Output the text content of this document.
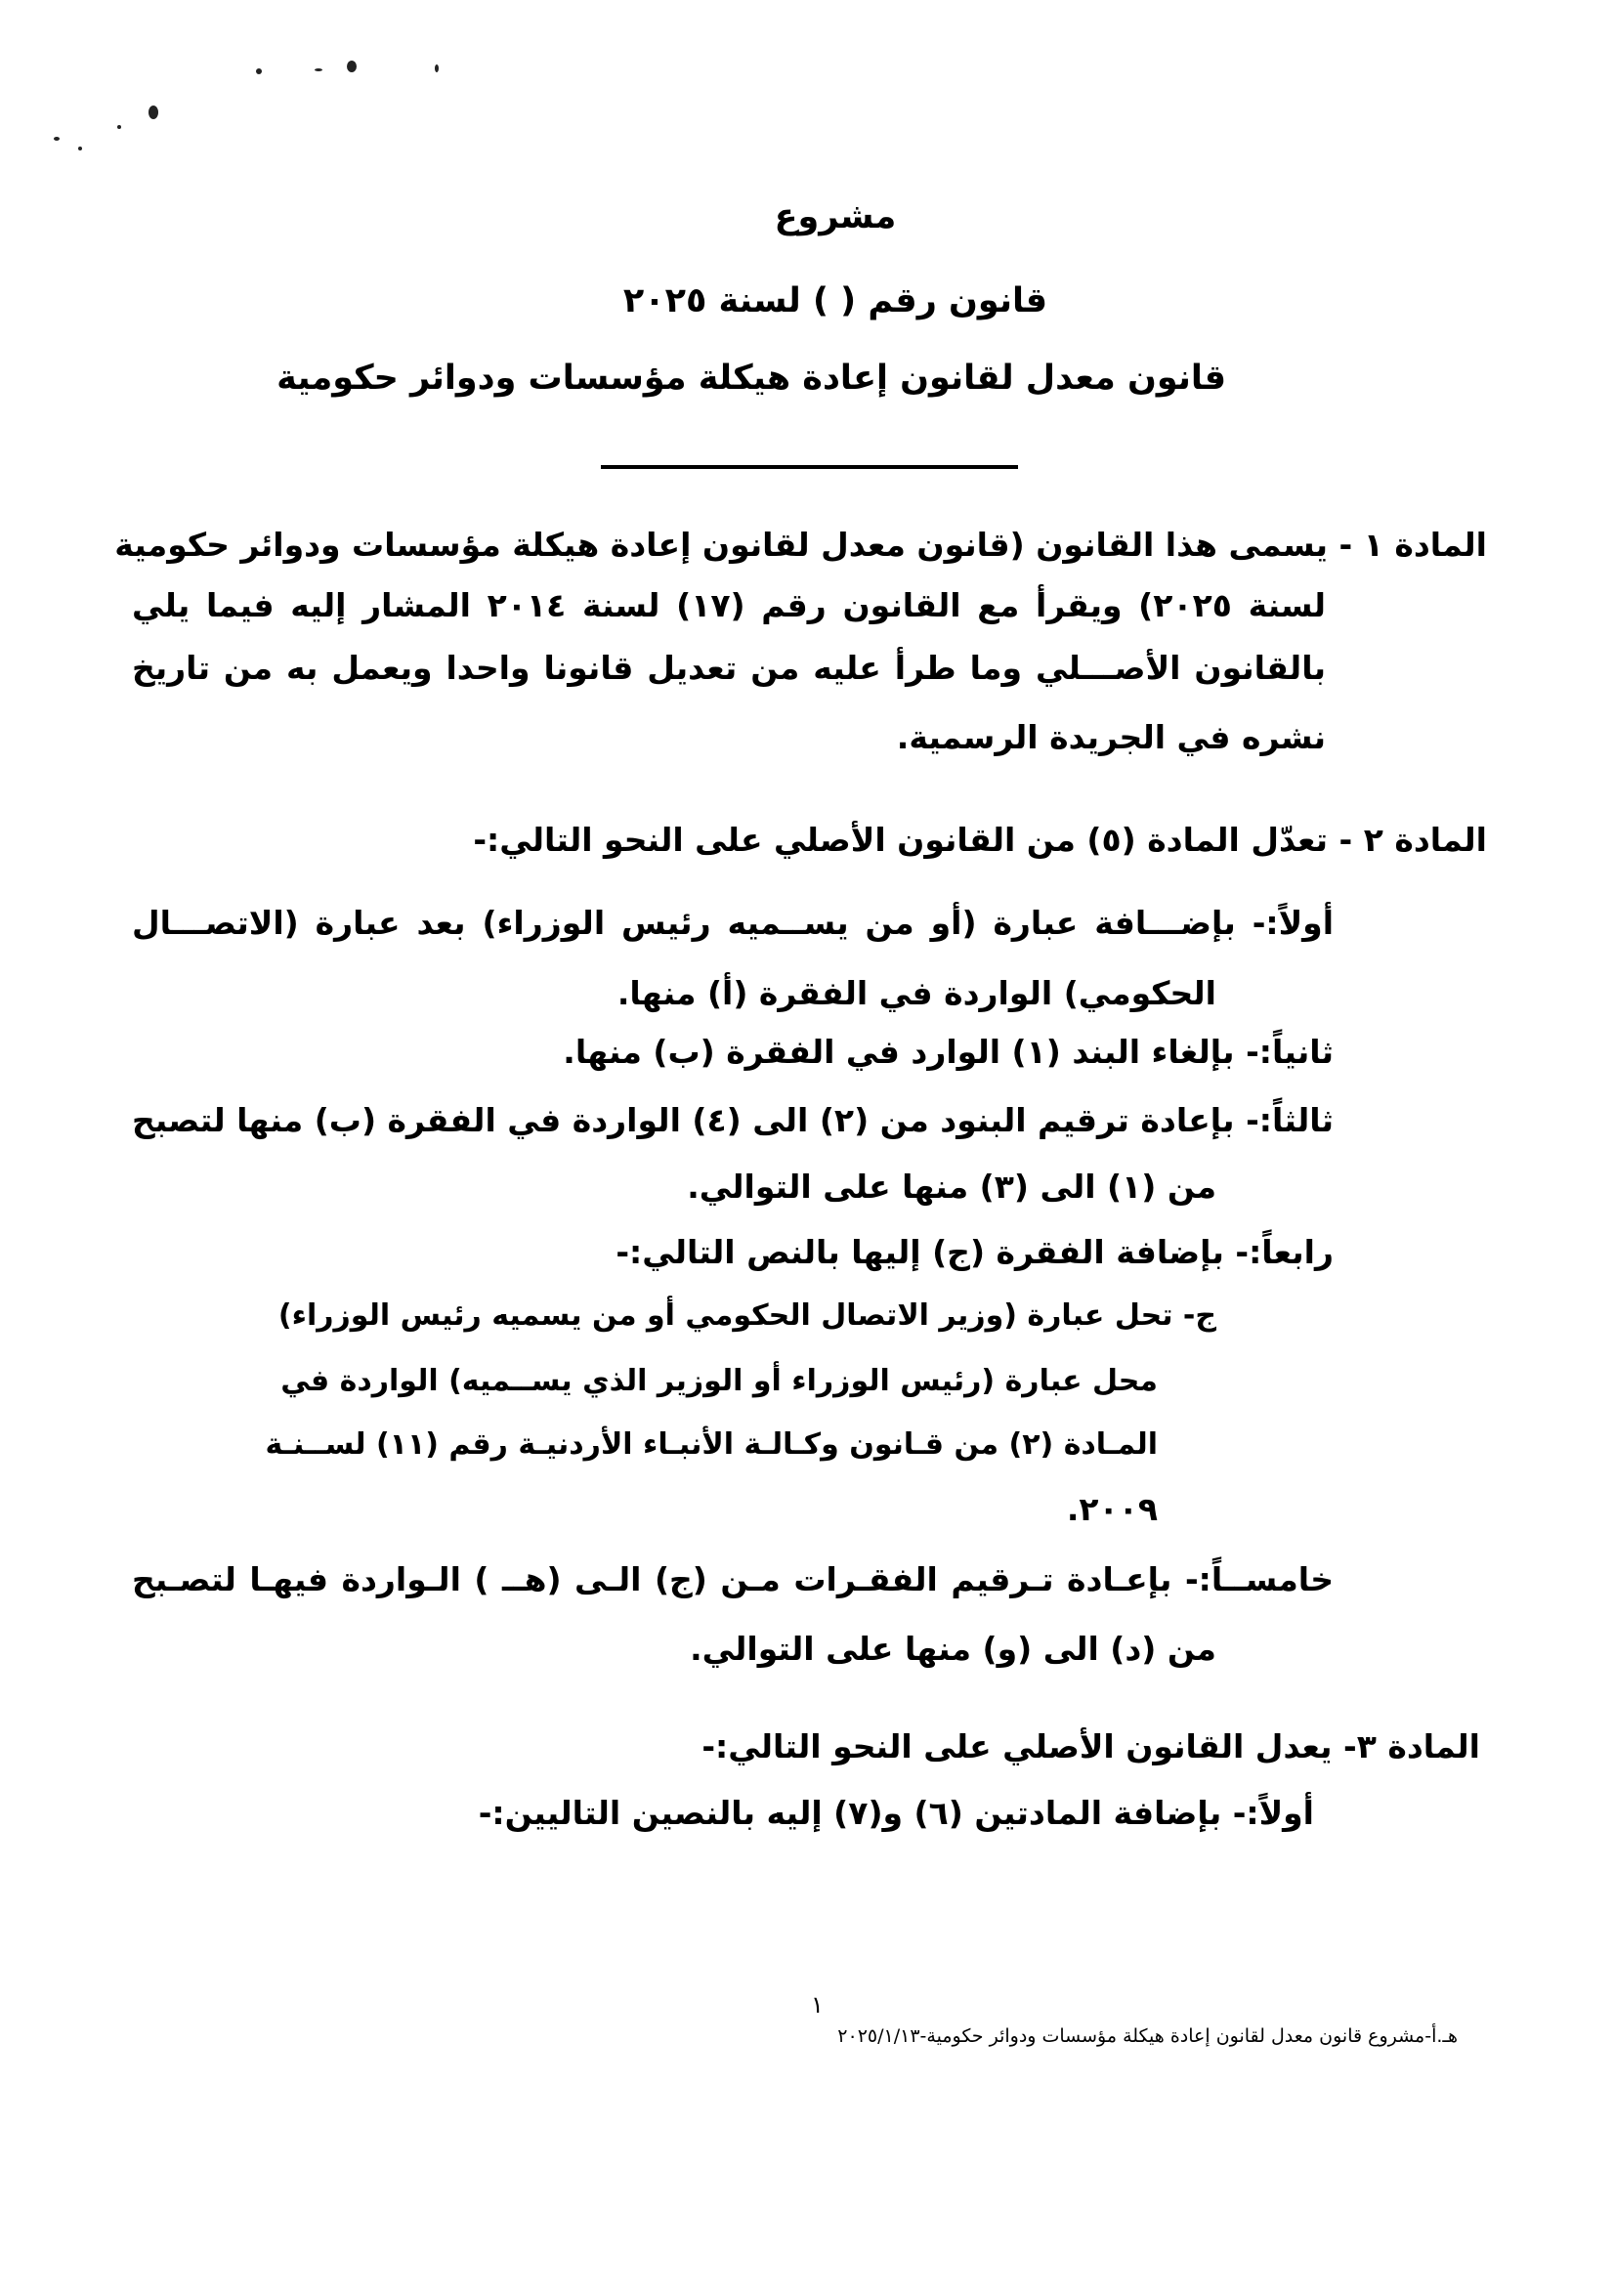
مشروع
قانون رقم ( ) لسنة ٢٠٢٥
قانون معدل لقانون إعادة هيكلة مؤسسات ودوائر حكومية
المادة ١ - يسمى هذا القانون (قانون معدل لقانون إعادة هيكلة مؤسسات ودوائر حكومية
لسنة ٢٠٢٥) ويقرأ مع القانون رقم (١٧) لسنة ٢٠١٤ المشار إليه فيما يلي
بالقانون الأصـــلي وما طرأ عليه من تعديل قانونا واحدا ويعمل به من تاريخ
نشره في الجريدة الرسمية.
المادة ٢ - تعدّل المادة (٥) من القانون الأصلي على النحو التالي:-
أولاً:- بإضـــافة عبارة (أو من يســميه رئيس الوزراء) بعد عبارة (الاتصـــال
الحكومي) الواردة في الفقرة (أ) منها.
ثانياً:- بإلغاء البند (١) الوارد في الفقرة (ب) منها.
ثالثاً:- بإعادة ترقيم البنود من (٢) الى (٤) الواردة في الفقرة (ب) منها لتصبح
من (١) الى (٣) منها على التوالي.
رابعاً:- بإضافة الفقرة (ج) إليها بالنص التالي:-
ج- تحل عبارة (وزير الاتصال الحكومي أو من يسميه رئيس الوزراء)
محل عبارة (رئيس الوزراء أو الوزير الذي يســميه) الواردة في
المـادة (٢) من قـانون وكـالـة الأنبـاء الأردنيـة رقم (١١) لســنـة
٢٠٠٩.
خامســاً:- بإعـادة تـرقيم الفقـرات مـن (ج) الـى (هــ ) الـواردة فيهـا لتصـبح
من (د) الى (و) منها على التوالي.
المادة ٣- يعدل القانون الأصلي على النحو التالي:-
أولاً:- بإضافة المادتين (٦) و(٧) إليه بالنصين التاليين:-
١
هـ.أ-مشروع قانون معدل لقانون إعادة هيكلة مؤسسات ودوائر حكومية-٢٠٢٥/١/١٣
